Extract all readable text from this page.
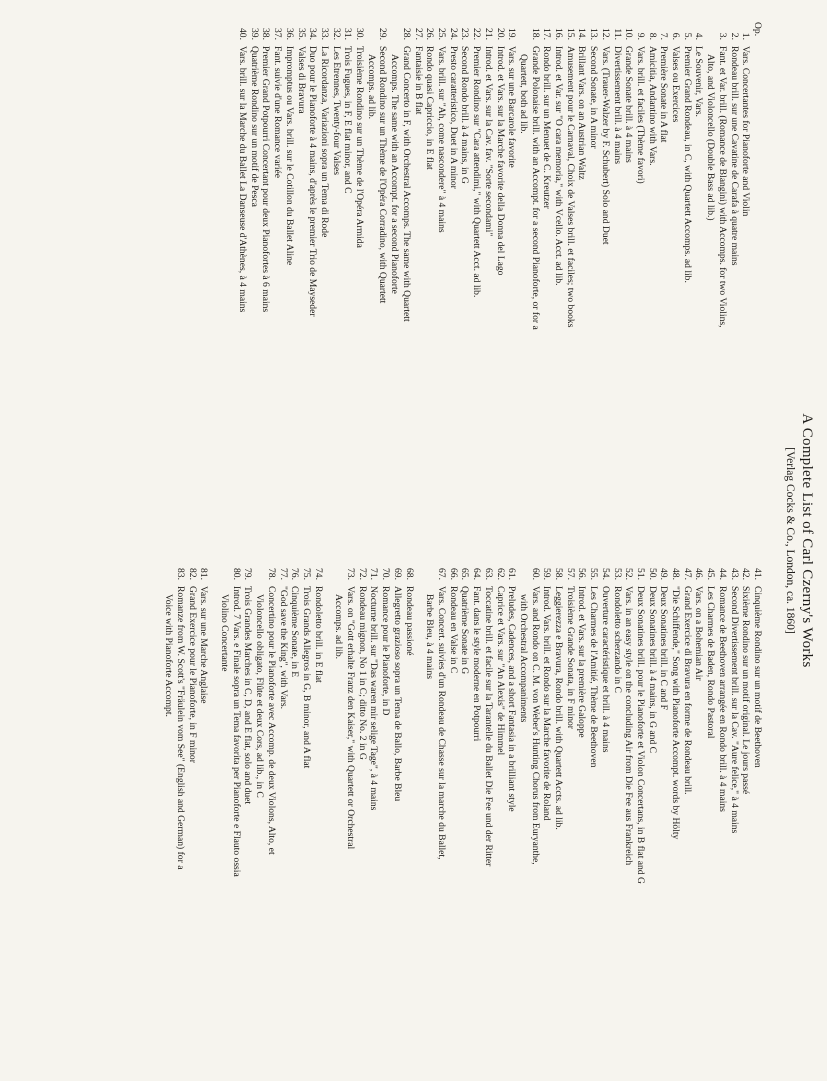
A Complete List of Carl Czerny's Works
[Verlag Cocks & Co., London, ca. 1860]
Op.
1.
Vars. Concertantes for Pianoforte and Violin
2.
Rondeau brill. sur une Cavatine de Carafa à quatre mains
3.
Fant. et Var. brill. (Romance de Blangini) with Accomps. for two Violins,
Alto, and Violoncello (Double Bass ad lib.)
4.
Le Souvenir, Vars.
5.
Premier Grand Rondeau, in C, with Quartett Accomps. ad lib.
6.
Valses ou Exercices
7.
Première Sonate in A flat
8.
Amicitia, Andantino with Vars.
9.
Vars. brill. et faciles (Thème favori)
10.
Grande Sonate brill. à 4 mains
11.
Divertissement brill. à 4 mains
12.
Vars. (Trauer-Walzer by F. Schubert) Solo and Duet
13.
Second Sonate, in A minor
14.
Brillant Vars. on an Austrian Waltz
15.
Amusement pour le Carnaval, Choix de Valses brill. et faciles; two books
16.
Introd. et Var. sur "O cara memoria," with Vcello. Acct. ad lib.
17.
Rondo brill. sur un Menuet de C. Kreutzer
18.
Grande Polonaise brill. with an Accompt. for a second Pianoforte, or for a
Quartett, both ad lib.
19.
Vars. sur une Barcarole favorite
20.
Introd. et Vars. sur la Marche favorite della Donna del Lago
21.
Introd. et Vars. sur la Cav. fav. "Sorte secondami"
22.
Premier Rondino sur "Cara attendimi," with Quartett Acct. ad lib.
23.
Second Rondo brill. à 4 mains, in G
24.
Presto caratteristico, Duet in A minor
25.
Vars. brill. sur "Ah, come nascondere" à 4 mains
26.
Rondo quasi Capriccio, in E flat
27.
Fantaisie in B flat
28.
Grand Concerto in F, with Orchestral Accomps. The same with Quartett
Accomps. The same with an Accompt. for a second Pianoforte
29.
Second Rondino sur un Thème de l'Opéra Corradino, with Quartett
Accomps. ad lib.
30.
Troisième Rondino sur un Thème de l'Opéra Armida
31.
Trois Fugues, in F, E flat minor, and C
32.
Les Etrennes, Twenty-four Valses
33.
La Ricordanza, Variazioni sopra un Tema di Rode
34.
Duo pour le Pianoforte à 4 mains, d'après le premier Trio de Mayseder
35.
Valses di Bravura
36.
Impromptus ou Vars. brill. sur le Cotillon du Ballet Aline
37.
Fant. suivie d'une Romance variée
38.
Premier Grand Potpourri Concertant pour deux Pianofortes à 6 mains
39.
Quatrième Rondino sur un motif de Pesca
40.
Vars. brill. sur la Marche du Ballet La Danseuse d'Athènes, à 4 mains
41.
Cinquième Rondino sur un motif de Beethoven
42.
Sixième Rondino sur un motif original. Le jours passé
43.
Second Divertissement brill. sur la Cav. "Aure felice," à 4 mains
44.
Romance de Beethoven arrangée en Rondo brill. à 4 mains
45.
Les Charmes de Baden, Rondo Pastoral
46.
Vars. on a Bohemian Air
47.
Grand Exercice di Bravura en forme de Rondeau brill.
48.
"Die Schiffende," Song with Pianoforte Accompt. words by Hölty
49.
Deux Sonatines brill. in C and F
50.
Deux Sonatines brill. à 4 mains, in G and C
51.
Deux Sonatines brill. pour le Pianoforte et Violon Concertans, in B flat and G
52.
Vars. in an easy style on the concluding Air from Die Fee aus Frankreich
53.
Rondoletto scherzando in C
54.
Ouverture caractéristique et brill. à 4 mains
55.
Les Charmes de l'Amitié, Thème de Beethoven
56.
Introd. et Vars. sur la première Galoppe
57.
Troisième Grande Sonata, in F minor
58.
Leggierezza e Bravura, Rondo brill. with Quartett Accts. ad lib.
59.
Introd. Vars. brill. et Rondo sur la Marche favorite de Roland
60.
Vars. and Rondo on C. M. von Weber's Hunting Chorus from Euryanthe,
with Orchestral Accompaniments
61.
Preludes, Cadences, and a short Fantasia in a brilliant style
62.
Caprice et Vars. sur "An Alexis" de Himmel
63.
Toccatine brill. et facile sur la Tarantelle du Ballet Die Fee und der Ritter
64.
Fant. dans le style moderne en Potpourri
65.
Quatrième Sonate in G
66.
Rondeau en Valse in C
67.
Vars. Concert. suivies d'un Rondeau de Chasse sur la marche du Ballet,
Barbe Bleu, à 4 mains
68.
Rondeau passioné
69.
Allegretto grazioso sopra un Tema de Ballo, Barbe Bleu
70.
Romance pour le Pianoforte, in D
71.
Nocturne brill. sur "Das waren mir selige Tage", à 4 mains
72.
Rondeau mignon, No 1 in C; ditto No. 2 in G
73.
Vars. on "Gott erhalte Franz den Kaiser," with Quartett or Orchestral
Accomps. ad lib.
74.
Rondoletto brill. in E flat
75.
Trois Grands Allegros in G, B minor, and A flat
76.
Cinquième Sonate, in E
77.
"God save the King", with Vars.
78.
Concertino pour le Pianoforte avec Accomp. de deux Violons, Alto, et
Violoncello obligato, Flûte et deux Cors, ad lib., in C
79.
Trois Grandes Marches in C, D, and E flat, solo and duet
80.
Introd. 7 Vars. e Finale sopra un Tema favorita per Pianoforte e Flauto ossia
Violino Concertante
81.
Vars. sur une Marche Anglaise
82.
Grand Exercice pour le Pianoforte, in F minor
83.
Romanze from W. Scott's "Fräulein vom See" (English and German) for a
Voice with Pianoforte Accompt.
